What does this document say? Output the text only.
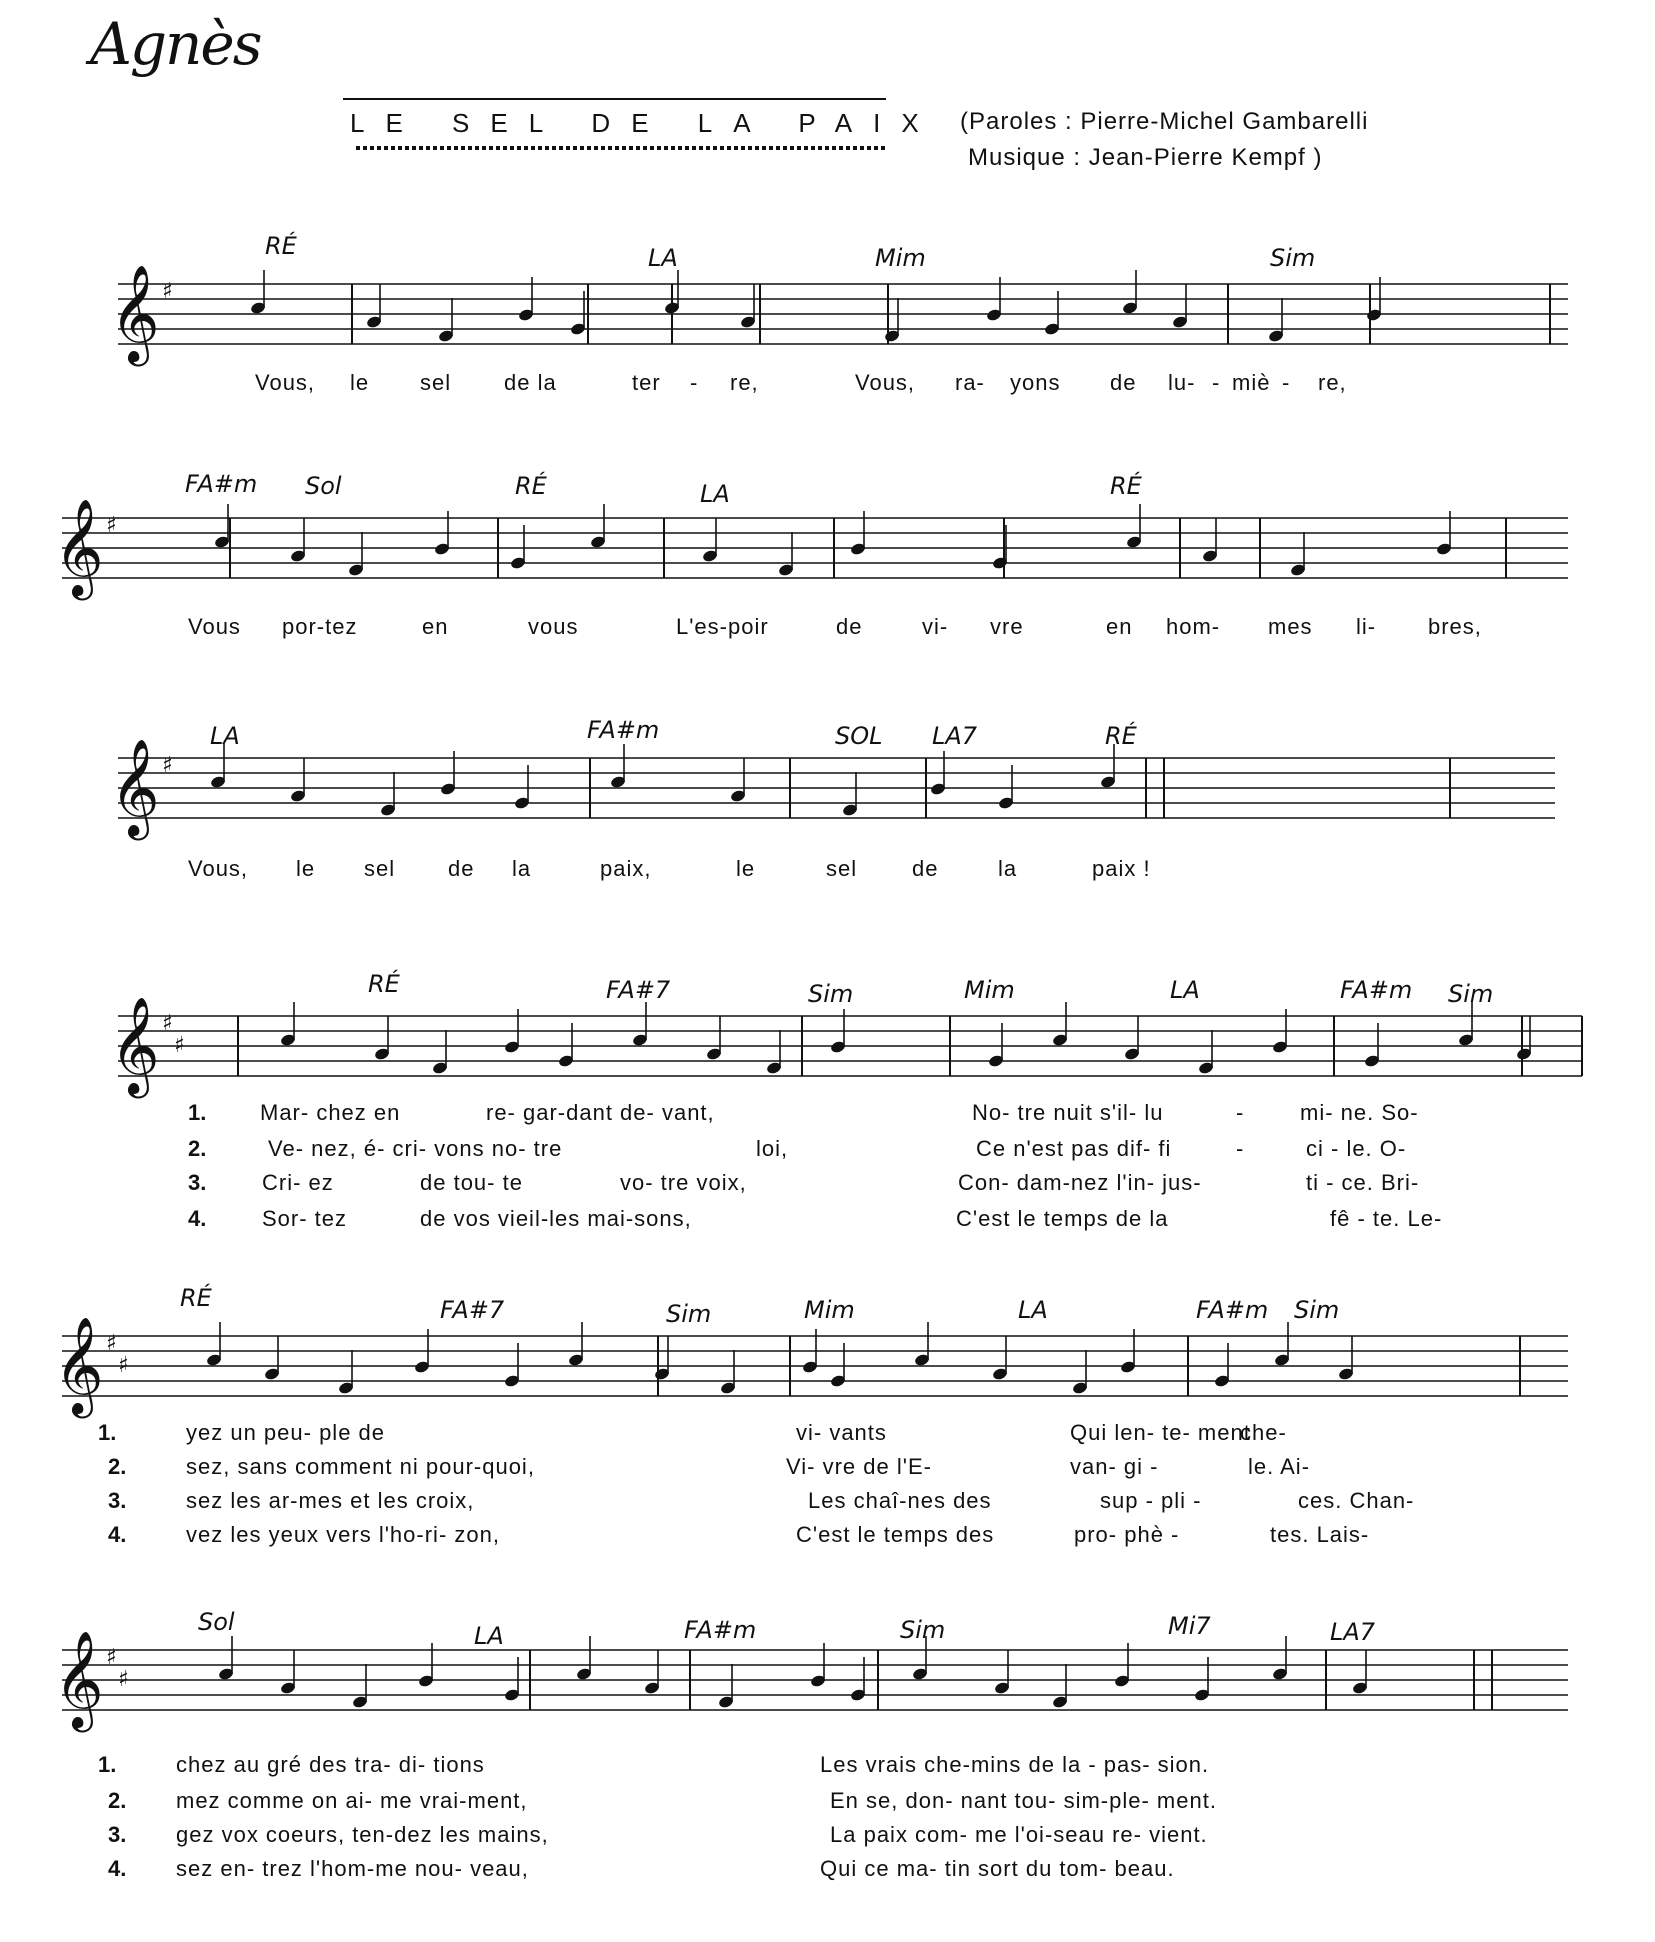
Agnès
LE SEL DE LA PAIX (Paroles : Pierre-Michel Gambarelli
Musique : Jean-Pierre Kempf )
𝄞 ♯
𝄞 ♯
𝄞 ♯
𝄞 ♯
♯
𝄞 ♯
♯
𝄞 ♯
♯
RÉ	LA	Mim	Sim
Vous, le sel de la	ter - re,	Vous, ra- yons de lu- - miè - re,
FA#m Sol	RÉ	LA	RÉ
Vous por-tez	en	vous	L'es-poir	de	vi- vre	en hom- mes li- bres,
LA	FA#m	SOL LA7	RÉ
Vous, le sel de la	paix,	le	sel de	la	paix !
RÉ	FA#7	Sim	Mim	LA	FA#m Sim
1.
2.
3.
4.
Mar- chez en	re- gar-dant de- vant,	No- tre nuit s'il- lu	-	mi- ne. So-
Ve- nez, é- cri- vons no- tre	loi,	Ce n'est pas dif- fi	-	ci - le. O-
Cri- ez	de tou- te	vo- tre voix,	Con- dam-nez l'in- jus-	ti - ce. Bri-
Sor- tez	de vos vieil-les mai-sons,	C'est le temps de la	fê - te. Le-
RÉ	FA#7	Sim	Mim	LA	FA#m Sim
1.
2.
3.
4.
yez un peu- ple de	vi- vants	Qui len- te- ment
che-
sez, sans comment ni pour-quoi,	Vi- vre de l'E-	van- gi -	le. Ai-
sez les ar-mes et les croix,	Les chaî-nes des	sup - pli -	ces. Chan-
vez les yeux vers l'ho-ri- zon,	C'est le temps des	pro- phè -	tes. Lais-
Sol	LA	FA#m	Sim	Mi7	LA7
1.
2.
3.
4.
chez au gré des tra- di- tions	Les vrais che-mins de la - pas- sion.
mez comme on ai- me vrai-ment,	En se, don- nant tou- sim-ple- ment.
gez vox coeurs, ten-dez les mains,	La paix com- me l'oi-seau re- vient.
sez en- trez l'hom-me nou- veau,	Qui ce ma- tin sort du tom- beau.
